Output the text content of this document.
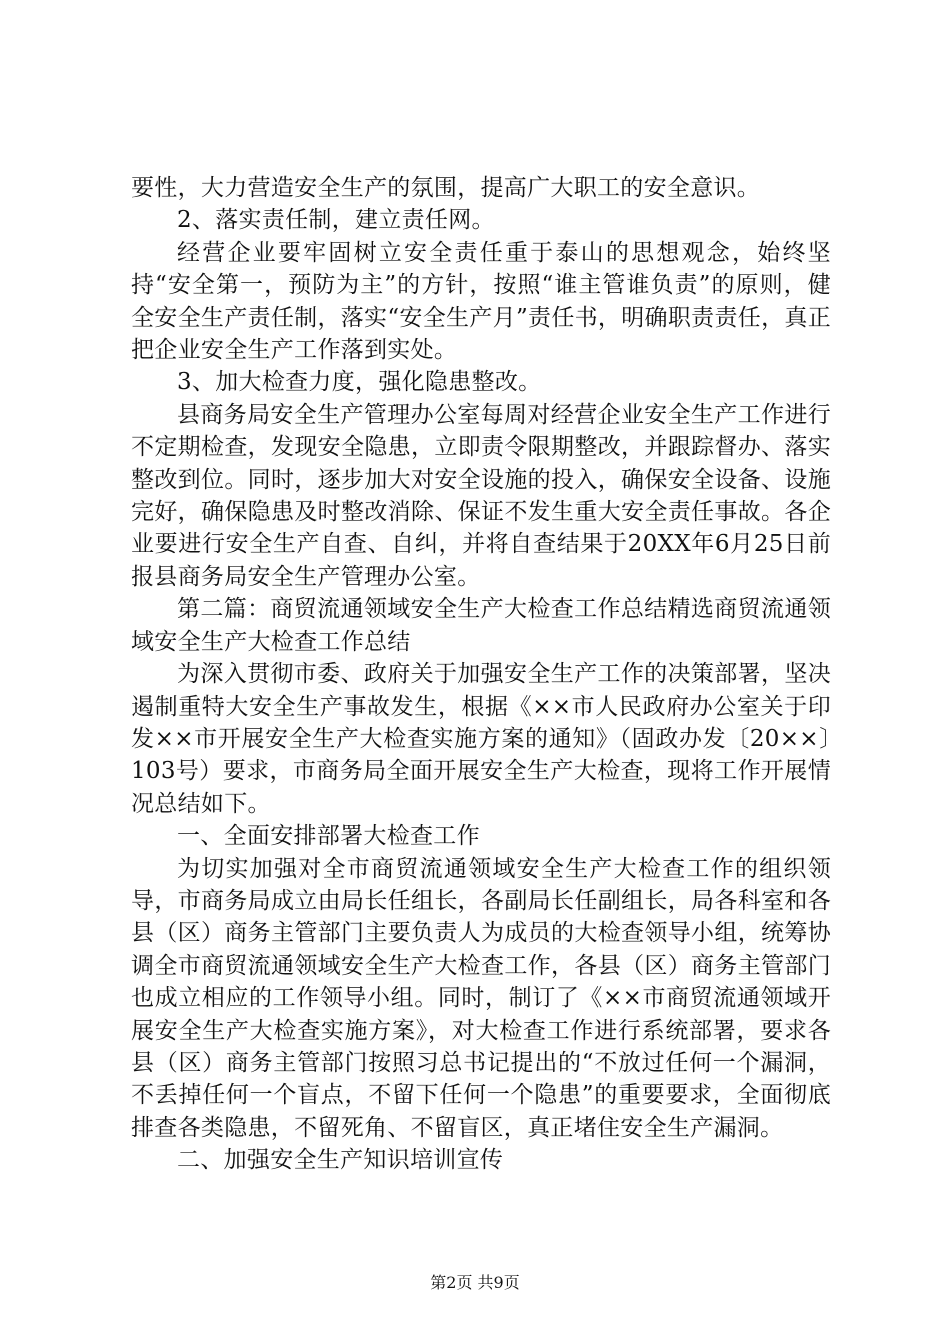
要性，大力营造安全生产的氛围，提高广大职工的安全意识。

2、落实责任制，建立责任网。

经营企业要牢固树立安全责任重于泰山的思想观念，始终坚持“安全第一，预防为主”的方针，按照“谁主管谁负责”的原则，健全安全生产责任制，落实“安全生产月”责任书，明确职责责任，真正把企业安全生产工作落到实处。

3、加大检查力度，强化隐患整改。

县商务局安全生产管理办公室每周对经营企业安全生产工作进行不定期检查，发现安全隐患，立即责令限期整改，并跟踪督办、落实整改到位。同时，逐步加大对安全设施的投入，确保安全设备、设施完好，确保隐患及时整改消除、保证不发生重大安全责任事故。各企业要进行安全生产自查、自纠，并将自查结果于20XX年6月25日前报县商务局安全生产管理办公室。

第二篇：商贸流通领域安全生产大检查工作总结精选商贸流通领域安全生产大检查工作总结

为深入贯彻市委、政府关于加强安全生产工作的决策部署，坚决遏制重特大安全生产事故发生，根据《××市人民政府办公室关于印发××市开展安全生产大检查实施方案的通知》（固政办发〔20××〕103号）要求，市商务局全面开展安全生产大检查，现将工作开展情况总结如下。

一、全面安排部署大检查工作

为切实加强对全市商贸流通领域安全生产大检查工作的组织领导，市商务局成立由局长任组长，各副局长任副组长，局各科室和各县（区）商务主管部门主要负责人为成员的大检查领导小组，统筹协调全市商贸流通领域安全生产大检查工作，各县（区）商务主管部门也成立相应的工作领导小组。同时，制订了《××市商贸流通领域开展安全生产大检查实施方案》，对大检查工作进行系统部署，要求各县（区）商务主管部门按照习总书记提出的“不放过任何一个漏洞，不丢掉任何一个盲点，不留下任何一个隐患”的重要要求，全面彻底排查各类隐患，不留死角、不留盲区，真正堵住安全生产漏洞。

二、加强安全生产知识培训宣传

第2页 共9页
